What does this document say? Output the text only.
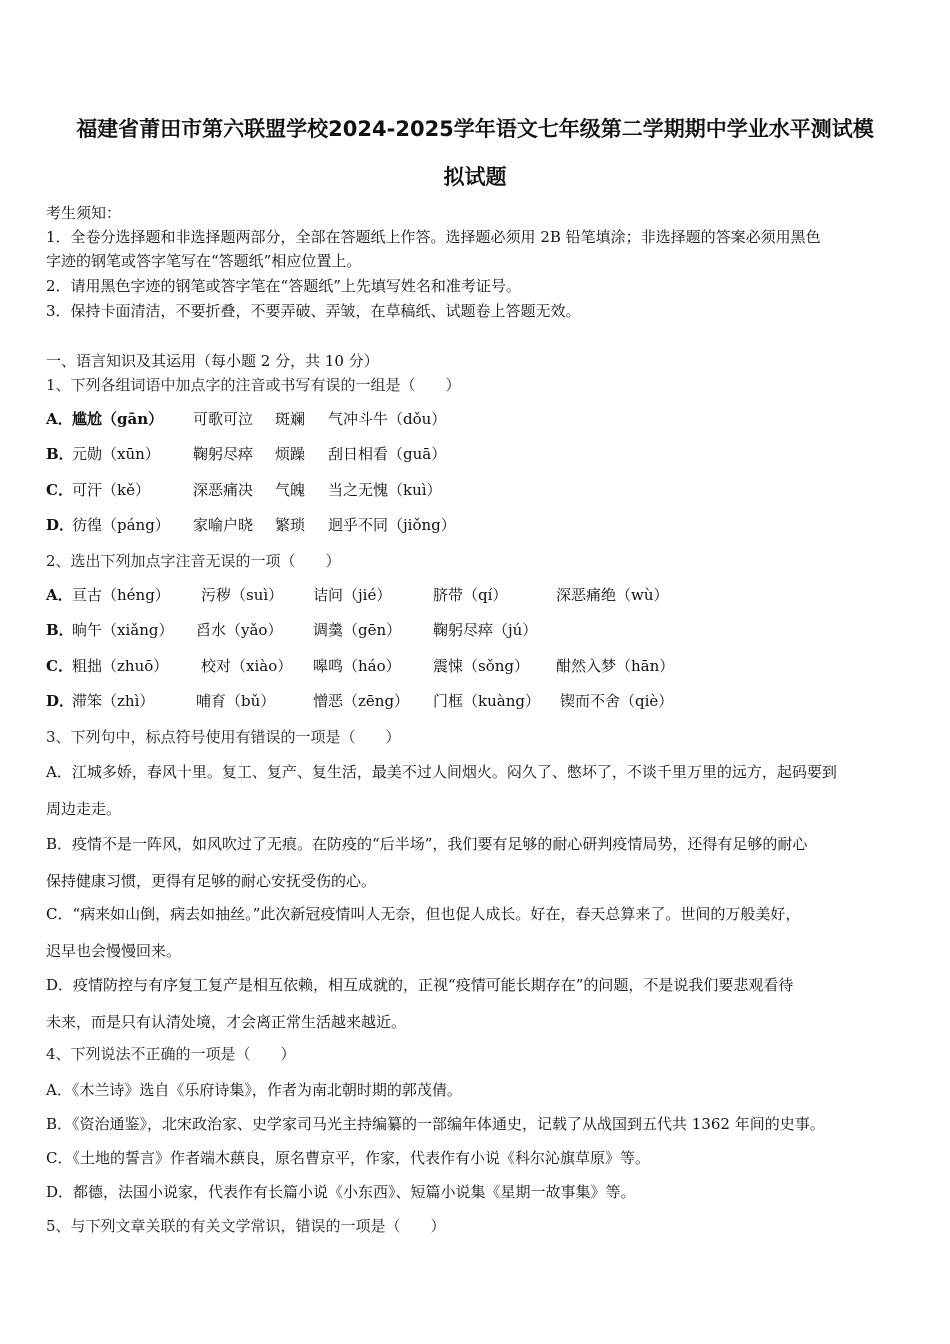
福建省莆田市第六联盟学校2024-2025学年语文七年级第二学期期中学业水平测试模
拟试题
考生须知：
1．全卷分选择题和非选择题两部分，全部在答题纸上作答。选择题必须用 2B 铅笔填涂；非选择题的答案必须用黑色
字迹的钢笔或答字笔写在“答题纸”相应位置上。
2．请用黑色字迹的钢笔或答字笔在“答题纸”上先填写姓名和准考证号。
3．保持卡面清洁，不要折叠，不要弄破、弄皱，在草稿纸、试题卷上答题无效。
一、语言知识及其运用（每小题 2 分，共 10 分）
1、下列各组词语中加点字的注音或书写有误的一组是（　　）
A． 尴尬（gān） 可歌可泣 斑斓 气冲斗牛（dǒu）
B．
元勋（xūn） 鞠躬尽瘁 烦躁 刮日相看（guā）
C． 可汗（kě）	深恶痛决 气魄 当之无愧（kuì）
D．
彷徨（páng） 家喻户晓 繁琐 迥乎不同（jiǒng）
2、选出下列加点字注音无误的一项（　　）
A． 亘古（héng） 污秽（suì） 诘问（jié）	脐带（qí）	深恶痛绝（wù）
B．
晌午（xiǎng） 舀水（yǎo） 调羹（gēn） 鞠躬尽瘁（jú）
C． 粗拙（zhuō） 校对（xiào） 嗥鸣（háo） 震悚（sǒng） 酣然入梦（hān）
D．
滞笨（zhì）	哺育（bǔ）	憎恶（zēng） 门框（kuàng） 锲而不舍（qiè）
3、下列句中，标点符号使用有错误的一项是（　　）
A．江城多娇，春风十里。复工、复产、复生活，最美不过人间烟火。闷久了、憋坏了，不谈千里万里的远方，起码要到
周边走走。
B．疫情不是一阵风，如风吹过了无痕。在防疫的“后半场”，我们要有足够的耐心研判疫情局势，还得有足够的耐心
保持健康习惯，更得有足够的耐心安抚受伤的心。
C．“病来如山倒，病去如抽丝。”此次新冠疫情叫人无奈，但也促人成长。好在，春天总算来了。世间的万般美好，
迟早也会慢慢回来。
D．疫情防控与有序复工复产是相互依赖，相互成就的，正视“疫情可能长期存在”的问题，不是说我们要悲观看待
未来，而是只有认清处境，才会离正常生活越来越近。
4、下列说法不正确的一项是（　　）
A．《木兰诗》选自《乐府诗集》，作者为南北朝时期的郭茂倩。
B．《资治通鉴》，北宋政治家、史学家司马光主持编纂的一部编年体通史，记载了从战国到五代共 1362 年间的史事。
C．《土地的誓言》作者端木蕻良，原名曹京平，作家，代表作有小说《科尔沁旗草原》等。
D．都德，法国小说家，代表作有长篇小说《小东西》、短篇小说集《星期一故事集》等。
5、与下列文章关联的有关文学常识，错误的一项是（　　）
